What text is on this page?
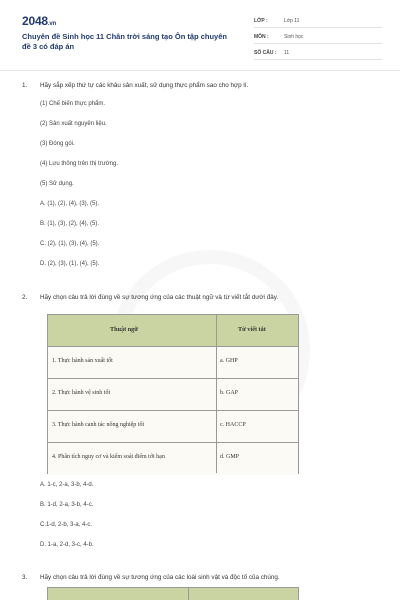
2048.vn
Chuyên đề Sinh học 11 Chân trời sáng tạo Ôn tập chuyên đề 3 có đáp án
LỚP :	Lớp 11
MÔN :	Sinh học
SỐ CÂU : 11
1. Hãy sắp xếp thứ tự các khâu sản xuất, sử dụng thực phẩm sao cho hợp lí.
(1) Chế biến thực phẩm.
(2) Sản xuất nguyên liệu.
(3) Đóng gói.
(4) Lưu thông trên thị trường.
(5) Sử dụng.
A. (1), (2), (4), (3), (5).
B. (1), (3), (2), (4), (5).
C. (2), (1), (3), (4), (5).
D. (2), (3), (1), (4), (5).
2. Hãy chọn câu trả lời đúng về sự tương ứng của các thuật ngữ và từ viết tắt dưới đây.
Thuật ngữ	Từ viết tắt
1. Thực hành sản xuất tốt	a. GHP
2. Thực hành vệ sinh tốt	b. GAP
3. Thực hành canh tác nông nghiệp tốt	c. HACCP
4. Phân tích nguy cơ và kiểm soát điểm tới hạn	d. GMP
A. 1-c, 2-a, 3-b, 4-d.
B. 1-d, 2-a, 3-b, 4-c.
C.1-d, 2-b, 3-a, 4-c.
D. 1-a, 2-d, 3-c, 4-b.
3. Hãy chọn câu trả lời đúng về sự tương ứng của các loài sinh vật và độc tố của chúng.
